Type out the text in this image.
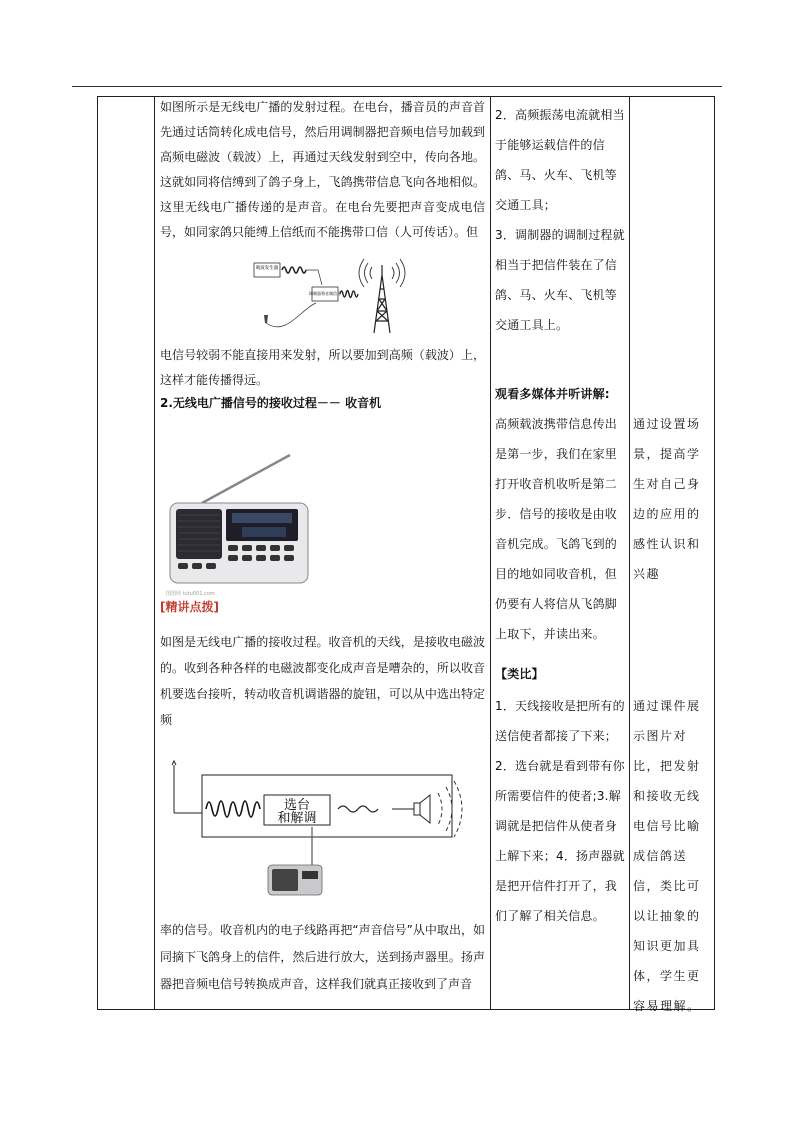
如图所示是无线电广播的发射过程。在电台，播音员的声音首先通过话筒转化成电信号，然后用调制器把音频电信号加载到高频电磁波（载波）上，再通过天线发射到空中，传向各地。这就如同将信缚到了鸽子身上，飞鸽携带信息飞向各地相似。这里无线电广播传递的是声音。在电台先要把声音变成电信号，如同家鸽只能缚上信纸而不能携带口信（人可传话）。但

载波发生器
调制器将音频信号

电信号较弱不能直接用来发射，所以要加到高频（载波）上，这样才能传播得远。

2.无线电广播信号的接收过程－－ 收音机

图图网 tutu001.com

[精讲点拨]

如图是无线电广播的接收过程。收音机的天线，是接收电磁波的。收到各种各样的电磁波都变化成声音是嘈杂的，所以收音机要选台接听，转动收音机调谐器的旋钮，可以从中选出特定频

选台
和解调

率的信号。收音机内的电子线路再把“声音信号”从中取出，如同摘下飞鸽身上的信件，然后进行放大，送到扬声器里。扬声器把音频电信号转换成声音，这样我们就真正接收到了声音

2．高频振荡电流就相当于能够运载信件的信鸽、马、火车、飞机等交通工具；

3．调制器的调制过程就相当于把信件装在了信鸽、马、火车、飞机等交通工具上。

观看多媒体并听讲解:

高频载波携带信息传出是第一步，我们在家里打开收音机收听是第二步．信号的接收是由收音机完成。飞鸽飞到的目的地如同收音机，但仍要有人将信从飞鸽脚上取下，并读出来。

【类比】

1．天线接收是把所有的送信使者都接了下来；2．选台就是看到带有你所需要信件的使者;3.解调就是把信件从使者身上解下来；4．扬声器就是把开信件打开了，我们了解了相关信息。

通过设置场景，提高学生对自己身边的应用的感性认识和兴趣

通过课件展示图片对比，把发射和接收无线电信号比喻成信鸽送信，类比可以让抽象的知识更加具体，学生更容易理解。
